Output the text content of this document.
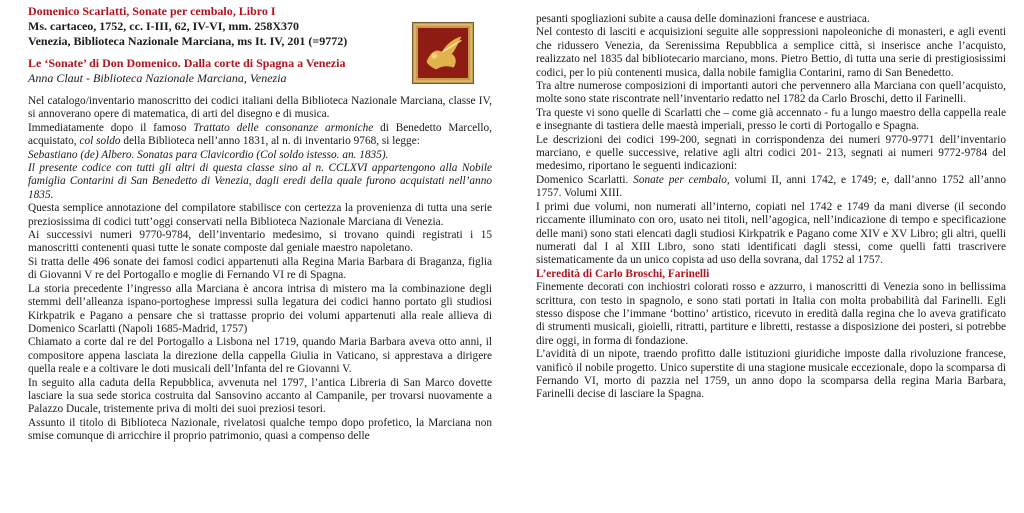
Domenico Scarlatti, Sonate per cembalo, Libro I

Ms. cartaceo, 1752, cc. I-III, 62, IV-VI, mm. 258X370

Venezia, Biblioteca Nazionale Marciana, ms It. IV, 201 (=9772)

Le ‘Sonate’ di Don Domenico. Dalla corte di Spagna a Venezia

Anna Claut - Biblioteca Nazionale Marciana, Venezia

Nel catalogo/inventario manoscritto dei codici italiani della Biblioteca Nazionale Marciana, classe IV, si annoverano opere di matematica, di arti del disegno e di musica.

Immediatamente dopo il famoso Trattato delle consonanze armoniche di Benedetto Marcello, acquistato, col soldo della Biblioteca nell’anno 1831, al n. di inventario 9768, si legge:

Sebastiano (de) Albero. Sonatas para Clavicordio (Col soldo istesso. an. 1835).

Il presente codice con tutti gli altri di questa classe sino al n. CCLXVI appartengono alla Nobile famiglia Contarini di San Benedetto di Venezia, dagli eredi della quale furono acquistati nell’anno 1835.

Questa semplice annotazione del compilatore stabilisce con certezza la provenienza di tutta una serie preziosissima di codici tutt’oggi conservati nella Biblioteca Nazionale Marciana di Venezia.

Ai successivi numeri 9770-9784, dell’inventario medesimo, si trovano quindi registrati i 15 manoscritti contenenti quasi tutte le sonate composte dal geniale maestro napoletano.

Si tratta delle 496 sonate dei famosi codici appartenuti alla Regina Maria Barbara di Braganza, figlia di Giovanni V re del Portogallo e moglie di Fernando VI re di Spagna.

La storia precedente l’ingresso alla Marciana è ancora intrisa di mistero ma la combinazione degli stemmi dell’alleanza ispano-portoghese impressi sulla legatura dei codici hanno portato gli studiosi Kirkpatrik e Pagano a pensare che si trattasse proprio dei volumi appartenuti alla reale allieva di Domenico Scarlatti (Napoli 1685-Madrid, 1757)

Chiamato a corte dal re del Portogallo a Lisbona nel 1719, quando Maria Barbara aveva otto anni, il compositore appena lasciata la direzione della cappella Giulia in Vaticano, si apprestava a dirigere quella reale e a coltivare le doti musicali dell’Infanta del re Giovanni V.

In seguito alla caduta della Repubblica, avvenuta nel 1797, l’antica Libreria di San Marco dovette lasciare la sua sede storica costruita dal Sansovino accanto al Campanile, per trovarsi nuovamente a Palazzo Ducale, tristemente priva di molti dei suoi preziosi tesori.

Assunto il titolo di Biblioteca Nazionale, rivelatosi qualche tempo dopo profetico, la Marciana non smise comunque di arricchire il proprio patrimonio, quasi a compenso delle

pesanti spogliazioni subite a causa delle dominazioni francese e austriaca.

Nel contesto di lasciti e acquisizioni seguite alle soppressioni napoleoniche di monasteri, e agli eventi che ridussero Venezia, da Serenissima Repubblica a semplice città, si inserisce anche l’acquisto, realizzato nel 1835 dal bibliotecario marciano, mons. Pietro Bettio, di tutta una serie di prestigiosissimi codici, per lo più contenenti musica, dalla nobile famiglia Contarini, ramo di San Benedetto.

Tra altre numerose composizioni di importanti autori che pervennero alla Marciana con quell’acquisto, molte sono state riscontrate nell’inventario redatto nel 1782 da Carlo Broschi, detto il Farinelli.

Tra queste vi sono quelle di Scarlatti che – come già accennato - fu a lungo maestro della cappella reale e insegnante di tastiera delle maestà imperiali, presso le corti di Portogallo e Spagna.

Le descrizioni dei codici 199-200, segnati in corrispondenza dei numeri 9770-9771 dell’inventario marciano, e quelle successive, relative agli altri codici 201- 213, segnati ai numeri 9772-9784 del medesimo, riportano le seguenti indicazioni:

Domenico Scarlatti. Sonate per cembalo, volumi II, anni 1742, e 1749; e, dall’anno 1752 all’anno 1757. Volumi XIII.

I primi due volumi, non numerati all’interno, copiati nel 1742 e 1749 da mani diverse (il secondo riccamente illuminato con oro, usato nei titoli, nell’agogica, nell’indicazione di tempo e specificazione delle mani) sono stati elencati dagli studiosi Kirkpatrik e Pagano come XIV e XV Libro; gli altri, quelli numerati dal I al XIII Libro, sono stati identificati dagli stessi, come quelli fatti trascrivere sistematicamente da un unico copista ad uso della sovrana, dal 1752 al 1757.

L’eredità di Carlo Broschi, Farinelli

Finemente decorati con inchiostri colorati rosso e azzurro, i manoscritti di Venezia sono in bellissima scrittura, con testo in spagnolo, e sono stati portati in Italia con molta probabilità dal Farinelli. Egli stesso dispose che l’immane ‘bottino’ artistico, ricevuto in eredità dalla regina che lo aveva gratificato di strumenti musicali, gioielli, ritratti, partiture e libretti, restasse a disposizione dei posteri, si potrebbe dire oggi, in forma di fondazione.

L’avidità di un nipote, traendo profitto dalle istituzioni giuridiche imposte dalla rivoluzione francese, vanificò il nobile progetto. Unico superstite di una stagione musicale eccezionale, dopo la scomparsa di Fernando VI, morto di pazzia nel 1759, un anno dopo la scomparsa della regina Maria Barbara, Farinelli decise di lasciare la Spagna.
